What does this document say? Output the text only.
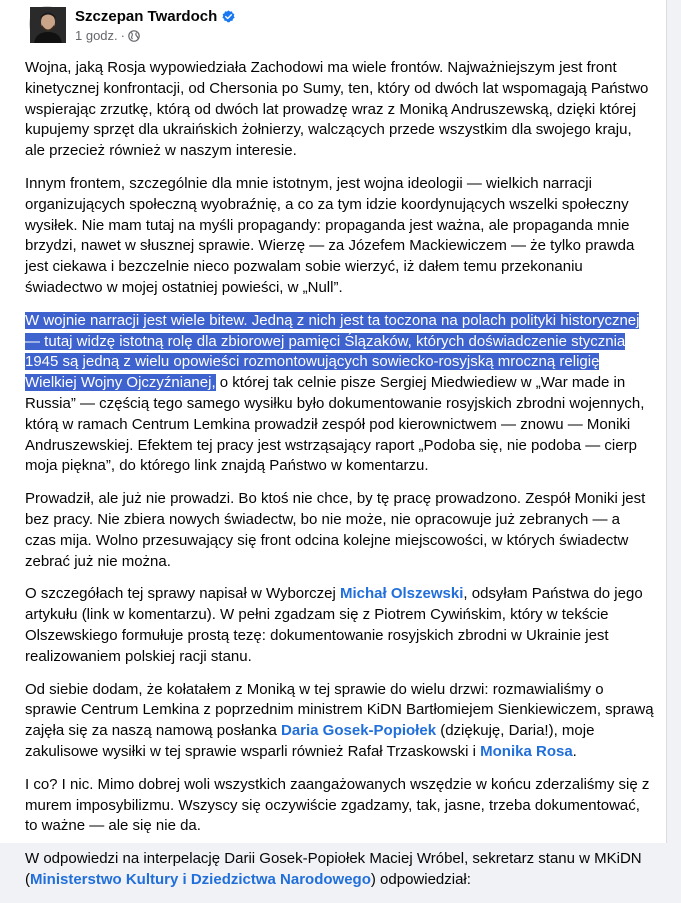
Szczepan Twardoch
1 godz. ·

Wojna, jaką Rosja wypowiedziała Zachodowi ma wiele frontów. Najważniejszym jest front kinetycznej konfrontacji, od Chersonia po Sumy, ten, który od dwóch lat wspomagają Państwo wspierając zrzutkę, którą od dwóch lat prowadzę wraz z Moniką Andruszewską, dzięki której kupujemy sprzęt dla ukraińskich żołnierzy, walczących przede wszystkim dla swojego kraju, ale przecież również w naszym interesie.

Innym frontem, szczególnie dla mnie istotnym, jest wojna ideologii — wielkich narracji organizujących społeczną wyobraźnię, a co za tym idzie koordynujących wszelki społeczny wysiłek. Nie mam tutaj na myśli propagandy: propaganda jest ważna, ale propaganda mnie brzydzi, nawet w słusznej sprawie. Wierzę — za Józefem Mackiewiczem — że tylko prawda jest ciekawa i bezczelnie nieco pozwalam sobie wierzyć, iż dałem temu przekonaniu świadectwo w mojej ostatniej powieści, w „Null”.

W wojnie narracji jest wiele bitew. Jedną z nich jest ta toczona na polach polityki historycznej — tutaj widzę istotną rolę dla zbiorowej pamięci Ślązaków, których doświadczenie stycznia 1945 są jedną z wielu opowieści rozmontowujących sowiecko-rosyjską mroczną religię Wielkiej Wojny Ojczyźnianej, o której tak celnie pisze Sergiej Miedwiediew w „War made in Russia” — częścią tego samego wysiłku było dokumentowanie rosyjskich zbrodni wojennych, którą w ramach Centrum Lemkina prowadził zespół pod kierownictwem — znowu — Moniki Andruszewskiej. Efektem tej pracy jest wstrząsający raport „Podoba się, nie podoba — cierp moja piękna”, do którego link znajdą Państwo w komentarzu.

Prowadził, ale już nie prowadzi. Bo ktoś nie chce, by tę pracę prowadzono. Zespół Moniki jest bez pracy. Nie zbiera nowych świadectw, bo nie może, nie opracowuje już zebranych — a czas mija. Wolno przesuwający się front odcina kolejne miejscowości, w których świadectw zebrać już nie można.

O szczegółach tej sprawy napisał w Wyborczej Michał Olszewski, odsyłam Państwa do jego artykułu (link w komentarzu). W pełni zgadzam się z Piotrem Cywińskim, który w tekście Olszewskiego formułuje prostą tezę: dokumentowanie rosyjskich zbrodni w Ukrainie jest realizowaniem polskiej racji stanu.

Od siebie dodam, że kołatałem z Moniką w tej sprawie do wielu drzwi: rozmawialiśmy o sprawie Centrum Lemkina z poprzednim ministrem KiDN Bartłomiejem Sienkiewiczem, sprawą zajęła się za naszą namową posłanka Daria Gosek-Popiołek (dziękuję, Daria!), moje zakulisowe wysiłki w tej sprawie wsparli również Rafał Trzaskowski i Monika Rosa.

I co? I nic. Mimo dobrej woli wszystkich zaangażowanych wszędzie w końcu zderzaliśmy się z murem imposybilizmu. Wszyscy się oczywiście zgadzamy, tak, jasne, trzeba dokumentować, to ważne — ale się nie da.

W odpowiedzi na interpelację Darii Gosek-Popiołek Maciej Wróbel, sekretarz stanu w MKiDN (Ministerstwo Kultury i Dziedzictwa Narodowego) odpowiedział:
